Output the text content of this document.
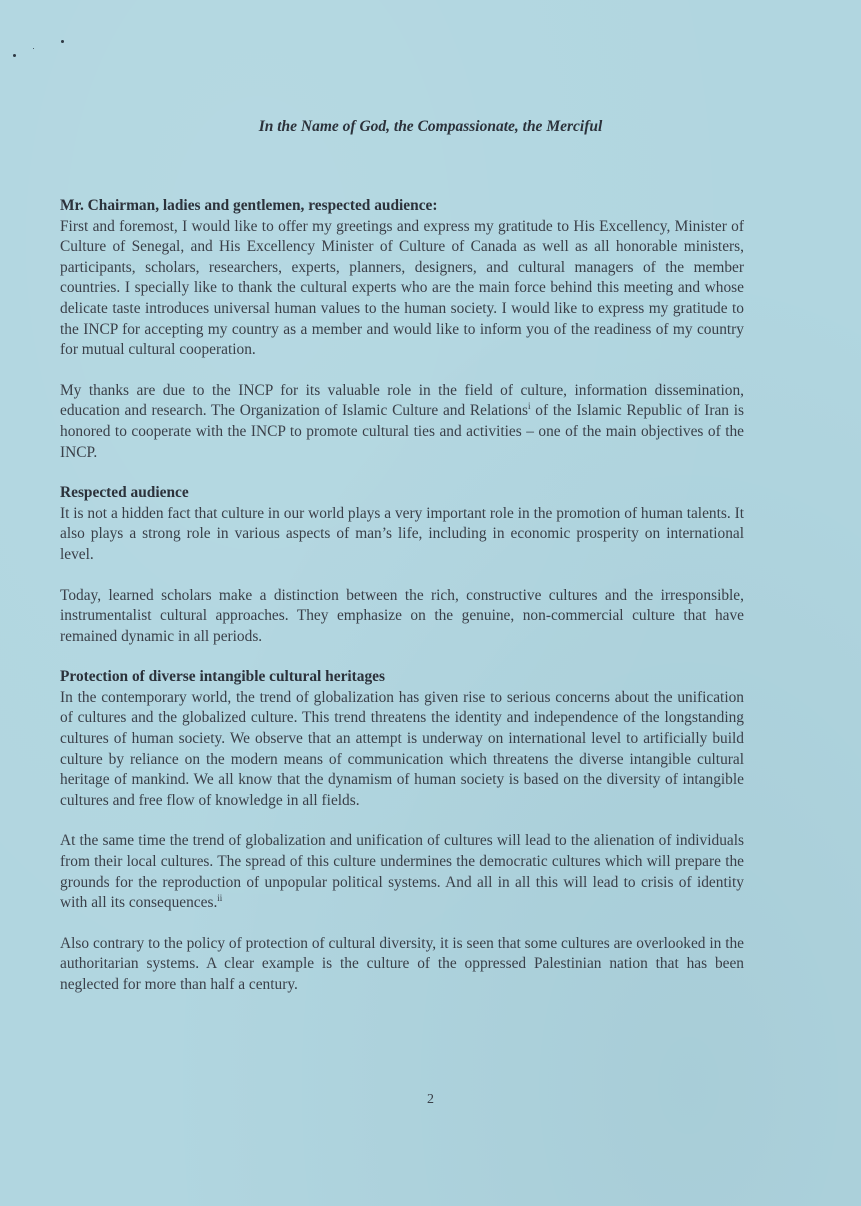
In the Name of God, the Compassionate, the Merciful

Mr. Chairman, ladies and gentlemen, respected audience:

First and foremost, I would like to offer my greetings and express my gratitude to His Excellency, Minister of Culture of Senegal, and His Excellency Minister of Culture of Canada as well as all honorable ministers, participants, scholars, researchers, experts, planners, designers, and cultural managers of the member countries. I specially like to thank the cultural experts who are the main force behind this meeting and whose delicate taste introduces universal human values to the human society. I would like to express my gratitude to the INCP for accepting my country as a member and would like to inform you of the readiness of my country for mutual cultural cooperation.

My thanks are due to the INCP for its valuable role in the field of culture, information dissemination, education and research. The Organization of Islamic Culture and Relations$^i$ of the Islamic Republic of Iran is honored to cooperate with the INCP to promote cultural ties and activities – one of the main objectives of the INCP.

Respected audience

It is not a hidden fact that culture in our world plays a very important role in the promotion of human talents. It also plays a strong role in various aspects of man’s life, including in economic prosperity on international level.

Today, learned scholars make a distinction between the rich, constructive cultures and the irresponsible, instrumentalist cultural approaches. They emphasize on the genuine, non-commercial culture that have remained dynamic in all periods.

Protection of diverse intangible cultural heritages

In the contemporary world, the trend of globalization has given rise to serious concerns about the unification of cultures and the globalized culture. This trend threatens the identity and independence of the longstanding cultures of human society. We observe that an attempt is underway on international level to artificially build culture by reliance on the modern means of communication which threatens the diverse intangible cultural heritage of mankind. We all know that the dynamism of human society is based on the diversity of intangible cultures and free flow of knowledge in all fields.

At the same time the trend of globalization and unification of cultures will lead to the alienation of individuals from their local cultures. The spread of this culture undermines the democratic cultures which will prepare the grounds for the reproduction of unpopular political systems. And all in all this will lead to crisis of identity with all its consequences.$^{ii}$

Also contrary to the policy of protection of cultural diversity, it is seen that some cultures are overlooked in the authoritarian systems. A clear example is the culture of the oppressed Palestinian nation that has been neglected for more than half a century.

2
